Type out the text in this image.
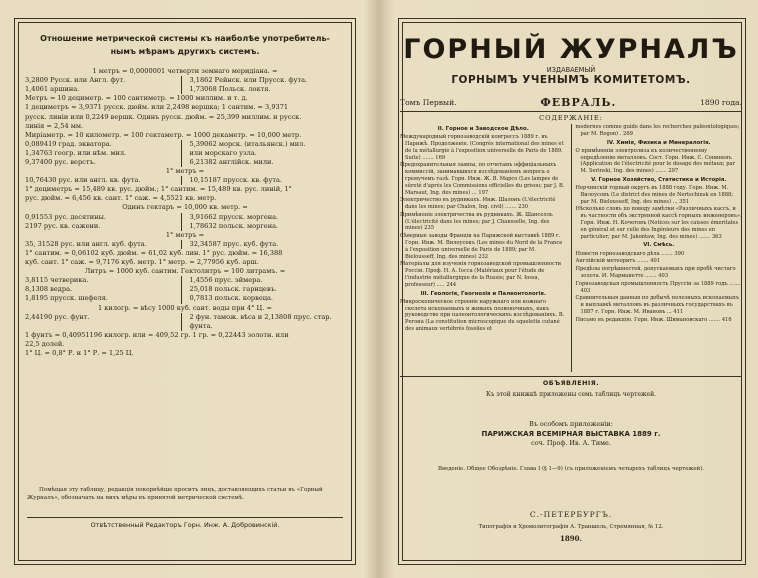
Отношение метрической системы къ наиболѣе употребитель-
нымъ мѣрамъ другихъ системъ.
1 метръ = 0,0000001 четверти земнаго меридіана. =
3,2809 Русск. или Англ. фут.	3,1862 Рейнск. или Прусск. фута.
1,4061 аршина.	1,73068 Польск. локтя.
Метръ = 10 дециметр. = 100 сантиметр. = 1000 миллим. и т. д.
1 дециметръ = 3,9371 русск. дюйм. или 2,2498 вершка; 1 сантим. = 3,9371
русск. линіи или 0,2249 вершк. Одинъ русск. дюйм. = 25,399 миллим. и русск.
линія = 2,54 мм.
Миріаметр. = 10 километр. = 100 гектаметр. = 1000 декаметр. = 10,000 метр.
0,089419 град. экватора.	5,39062 морск. (итальянск.) мил.
1,34763 геогр. или нѣм. мил.	или морскаго узла.
9,37400 рус. верстъ.	6,21382 англійск. мили.
1° метръ =
10,76430 рус. или англ. кв. фута.	10,15187 прусск. кв. фута.
1° дециметръ = 15,489 кв. рус. дюйм.; 1° сантим. = 15,489 кв. рус. линій, 1°
рус. дюйм. = 6,456 кв. сант. 1° саж. = 4,5521 кв. метр.
Одинъ гектаръ = 10,000 кв. метр. =
0,91553 рус. десятины.	3,91662 прусск. моргена.
2197 рус. кв. сажени.	1,78632 польск. моргена.
1° метръ =
35, 31528 рус. или англ. куб. фута.	32,34587 прус. куб. фута.
1° сантим. = 0,06102 куб. дюйм. = 61,02 куб. лин. 1° рус. дюйм. = 16,388
куб. сант. 1° саж. = 9,7176 куб. метр. 1° метр. = 2,77956 куб. арш.
Литръ = 1000 куб. сантим. Гектолитръ = 100 литрамъ. =
3,8115 четверика.	1,4556 прус. эймера.
8,1308 ведра.	25,018 польск. гарнцевъ.
1,8195 прусск. шефеля.	0,7813 польск. корвеца.
1 килогр. = вѣсу 1000 куб. сант. воды при 4° Ц. =
2,44190 рус. фунт.	2 фун. тамож. вѣса и 2,13808 прус. стар. фунта.
1 фунтъ = 0,40951196 килогр. или = 409,52 гр. 1 гр. = 0,22443 золотн. или
22,5 долей.
1° Ц. = 0,8° Р. и 1° Р. = 1,25 Ц.
Помѣщая эту таблицу, редакція покорнѣйше проситъ лицъ, доставляющихъ статьи въ «Горный Журналъ», обозначать на нихъ мѣры въ принятой метрической системѣ.
Отвѣтственный Редакторъ Горн. Инж. А. Добровинскій.
ГОРНЫЙ ЖУРНАЛЪ
ИЗДАВАЕМЫЙ
ГОРНЫМЪ УЧЕНЫМЪ КОМИТЕТОМЪ.
Томъ Первый.	ФЕВРАЛЬ.	1890 года.
СОДЕРЖАНІЕ:
II. Горное и Заводское Дѣло.
Международный горнозаводскій конгрессъ 1889 г. въ Парижѣ. Продолженіе. (Congrès international des mines et de la métallurgie à l'exposition universelle de Paris de 1889. Suite) ....... 169
Предохранительныя лампы, по отчетамъ оффиціальныхъ коммиссій, занимавшихся изслѣдованіемъ вопроса о гремучемъ газѣ. Горн. Инж. Ж. В. Марсо (Les lampes de sûreté d'après les Commissions officielles du grisou; par J. B. Marsaut, Ing. des mines) ... 197
Электричество въ рудникахъ. Инж. Шалонъ (L'électricité dans les mines; par Chalon, Ing. civil) ....... 230
Примѣненіе электричества въ рудникахъ. Ж. Шанселль (L'électricité dans les mines; par J. Chansselle, Ing. des mines) 235
Сѣверные заводы Франціи на Парижской выставкѣ 1889 г. Горн. Инж. М. Вилоусекъ (Les mines du Nord de la France à l'exposition universelle de Paris de 1889; par M. Bielousseff, Ing. des mines) 232
Матеріалы для изученія горнозаводской промышленности Россіи. Проф. Н. А. Іосса (Matériaux pour l'étude de l'industrie métallurgique de la Russie; par N. Iossa, professeur) ..... 244
III. Геологія, Геогнозія и Палеонтологія.
Микроскопическое строеніе наружнаго или кожнаго скелета ископаемыхъ и живыхъ позвоночныхъ, какъ руководство при палеонтологическихъ изслѣдованіяхъ. В. Регона (La constitution microscopique du squelette cutané des animaux vertébrés fossiles et
modernes comme guide dans les recherches paléontologiques; par M. Rogon) . 269
IV. Химія, Физика и Минералогія.
О примѣненіи электролиза къ количественному опредѣленію металловъ. Сост. Горн. Инж. С. Сониненъ (Application de l'électricité pour le dosage des métaux; par M. Serinski, Ing. des mines) ....... 297
V. Горное Хозяйство, Статистика и Исторія.
Нерчинскій горный округъ въ 1888 году. Горн. Инж. М. Вилоусовъ (Le district des mines de Nertschinsk en 1888; par M. Bielousseff, Ing. des mines) ... 351
Нѣсколько словъ по поводу замѣтки «Различныхъ кассъ, и въ частности объ экстренной кассѣ горныхъ инженеровъ». Горн. Инж. Н. Кочетовъ (Notices sur les caisses émeritales en général et sur celle des Ingénieurs des mines en particulier; par M. Jakontaw, Ing. des mines) ....... 363
VI. Смѣсь.
Новости горнозаводскаго дѣла ....... 390
Англійскій метеоритъ ....... 401
Предѣлы погрѣшностей, допускаемыхъ при пробѣ чистаго золота. И. Марманетте ....... 403
Горнозаводская промышленность Пруссіи за 1889 годъ ....... 403
Сравнительныя данныя по добычѣ полезныхъ ископаемыхъ и выплавкѣ металловъ въ различныхъ государствахъ въ 1887 г. Горн. Инж. М. Ивановъ ... 411
Письмо въ редакцію. Горн. Инж. Шимановскаго ....... 416
ОБЪЯВЛЕНІЯ.
Къ этой книжкѣ приложены семь таблицъ чертежей.
Въ особомъ приложеніи:
ПАРИЖСКАЯ ВСЕМІРНАЯ ВЫСТАВКА 1889 г.
соч. Проф. Ив. А. Тиме.
Введеніе. Общее Обозрѣніе. Глава I (§ 1—9) (съ приложеніемъ четырехъ таблицъ чертежей).
С.-ПЕТЕРБУРГЪ.
Типографія и Хромолитографія А. Траншель, Стремянная, № 12.
1890.
